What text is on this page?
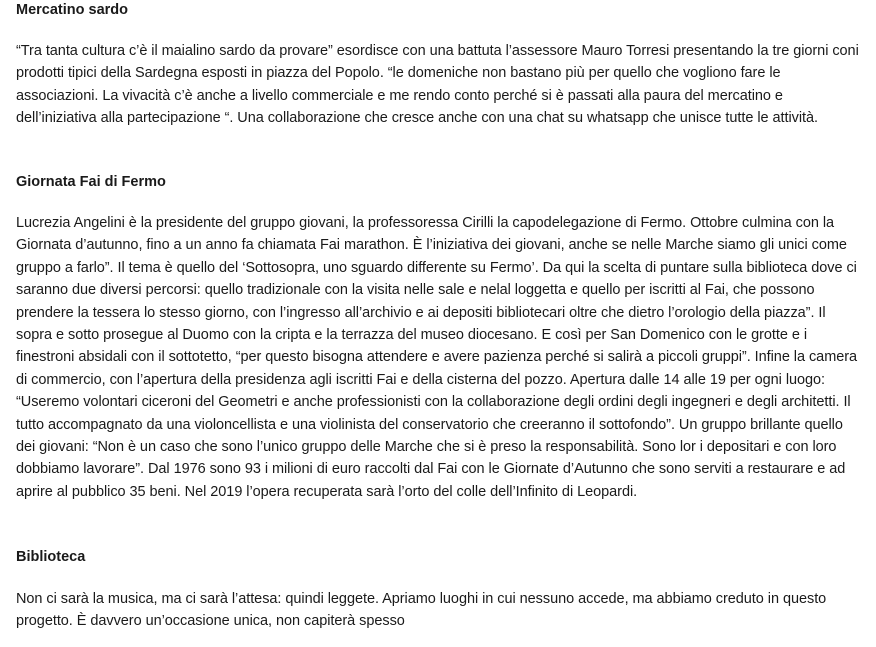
Mercatino sardo

“Tra tanta cultura c’è il maialino sardo da provare” esordisce con una battuta l’assessore Mauro Torresi presentando la tre giorni coni prodotti tipici della Sardegna esposti in piazza del Popolo. “le domeniche non bastano più per quello che vogliono fare le associazioni. La vivacità c’è anche a livello commerciale e me rendo conto perché si è passati alla paura del mercatino e dell’iniziativa alla partecipazione “. Una collaborazione che cresce anche con una chat su whatsapp che unisce tutte le attività.

Giornata Fai di Fermo

Lucrezia Angelini è la presidente del gruppo giovani, la professoressa Cirilli la capodelegazione di Fermo. Ottobre culmina con la Giornata d’autunno, fino a un anno fa chiamata Fai marathon. È l’iniziativa dei giovani, anche se nelle Marche siamo gli unici come gruppo a farlo”. Il tema è quello del ‘Sottosopra, uno sguardo differente su Fermo’. Da qui la scelta di puntare sulla biblioteca dove ci saranno due diversi percorsi: quello tradizionale con la visita nelle sale e nelal loggetta e quello per iscritti al Fai, che possono prendere la tessera lo stesso giorno, con l’ingresso all’archivio e ai depositi bibliotecari oltre che dietro l’orologio della piazza”. Il sopra e sotto prosegue al Duomo con la cripta e la terrazza del museo diocesano. E così per San Domenico con le grotte e i finestroni absidali con il sottotetto, “per questo bisogna attendere e avere pazienza perché si salirà a piccoli gruppi”. Infine la camera di commercio, con l’apertura della presidenza agli iscritti Fai e della cisterna del pozzo. Apertura dalle 14 alle 19 per ogni luogo: “Useremo volontari ciceroni del Geometri e anche professionisti con la collaborazione degli ordini degli ingegneri e degli architetti. Il tutto accompagnato da una violoncellista e una violinista del conservatorio che creeranno il sottofondo”. Un gruppo brillante quello dei giovani: “Non è un caso che sono l’unico gruppo delle Marche che si è preso la responsabilità. Sono lor i depositari e con loro dobbiamo lavorare”. Dal 1976 sono 93 i milioni di euro raccolti dal Fai con le Giornate d’Autunno che sono serviti a restaurare e ad aprire al pubblico 35 beni. Nel 2019 l’opera recuperata sarà l’orto del colle dell’Infinito di Leopardi.

Biblioteca

Non ci sarà la musica, ma ci sarà l’attesa: quindi leggete. Apriamo luoghi in cui nessuno accede, ma abbiamo creduto in questo progetto. È davvero un’occasione unica, non capiterà spesso
